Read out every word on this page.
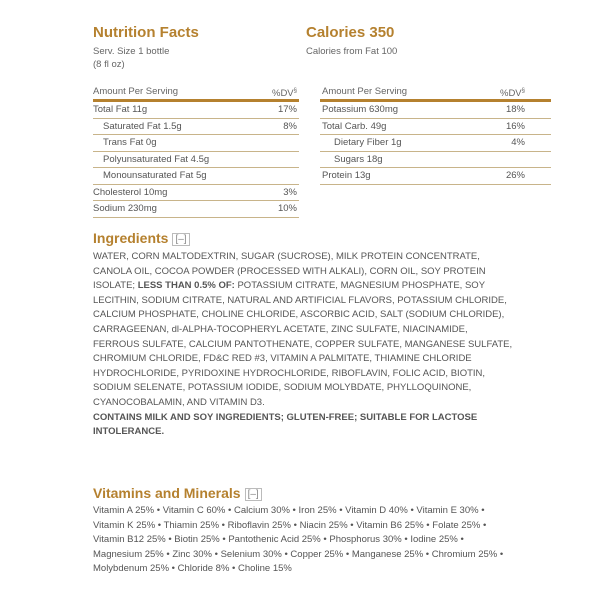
Nutrition Facts
Serv. Size 1 bottle
(8 fl oz)
Calories 350
Calories from Fat 100
Amount Per Serving	%DV§
Total Fat 11g	17%
Saturated Fat 1.5g	8%
Trans Fat 0g
Polyunsaturated Fat 4.5g
Monounsaturated Fat 5g
Cholesterol 10mg	3%
Sodium 230mg	10%
Amount Per Serving	%DV§
Potassium 630mg	18%
Total Carb. 49g	16%
Dietary Fiber 1g	4%
Sugars 18g
Protein 13g	26%
Ingredients [–]
WATER, CORN MALTODEXTRIN, SUGAR (SUCROSE), MILK PROTEIN CONCENTRATE, CANOLA OIL, COCOA POWDER (PROCESSED WITH ALKALI), CORN OIL, SOY PROTEIN ISOLATE; LESS THAN 0.5% OF: POTASSIUM CITRATE, MAGNESIUM PHOSPHATE, SOY LECITHIN, SODIUM CITRATE, NATURAL AND ARTIFICIAL FLAVORS, POTASSIUM CHLORIDE, CALCIUM PHOSPHATE, CHOLINE CHLORIDE, ASCORBIC ACID, SALT (SODIUM CHLORIDE), CARRAGEENAN, dl-ALPHA-TOCOPHERYL ACETATE, ZINC SULFATE, NIACINAMIDE, FERROUS SULFATE, CALCIUM PANTOTHENATE, COPPER SULFATE, MANGANESE SULFATE, CHROMIUM CHLORIDE, FD&C RED #3, VITAMIN A PALMITATE, THIAMINE CHLORIDE HYDROCHLORIDE, PYRIDOXINE HYDROCHLORIDE, RIBOFLAVIN, FOLIC ACID, BIOTIN, SODIUM SELENATE, POTASSIUM IODIDE, SODIUM MOLYBDATE, PHYLLOQUINONE, CYANOCOBALAMIN, AND VITAMIN D3.
CONTAINS MILK AND SOY INGREDIENTS; GLUTEN-FREE; SUITABLE FOR LACTOSE INTOLERANCE.
Vitamins and Minerals [–]
Vitamin A 25% • Vitamin C 60% • Calcium 30% • Iron 25% • Vitamin D 40% • Vitamin E 30% • Vitamin K 25% • Thiamin 25% • Riboflavin 25% • Niacin 25% • Vitamin B6 25% • Folate 25% • Vitamin B12 25% • Biotin 25% • Pantothenic Acid 25% • Phosphorus 30% • Iodine 25% • Magnesium 25% • Zinc 30% • Selenium 30% • Copper 25% • Manganese 25% • Chromium 25% • Molybdenum 25% • Chloride 8% • Choline 15%
